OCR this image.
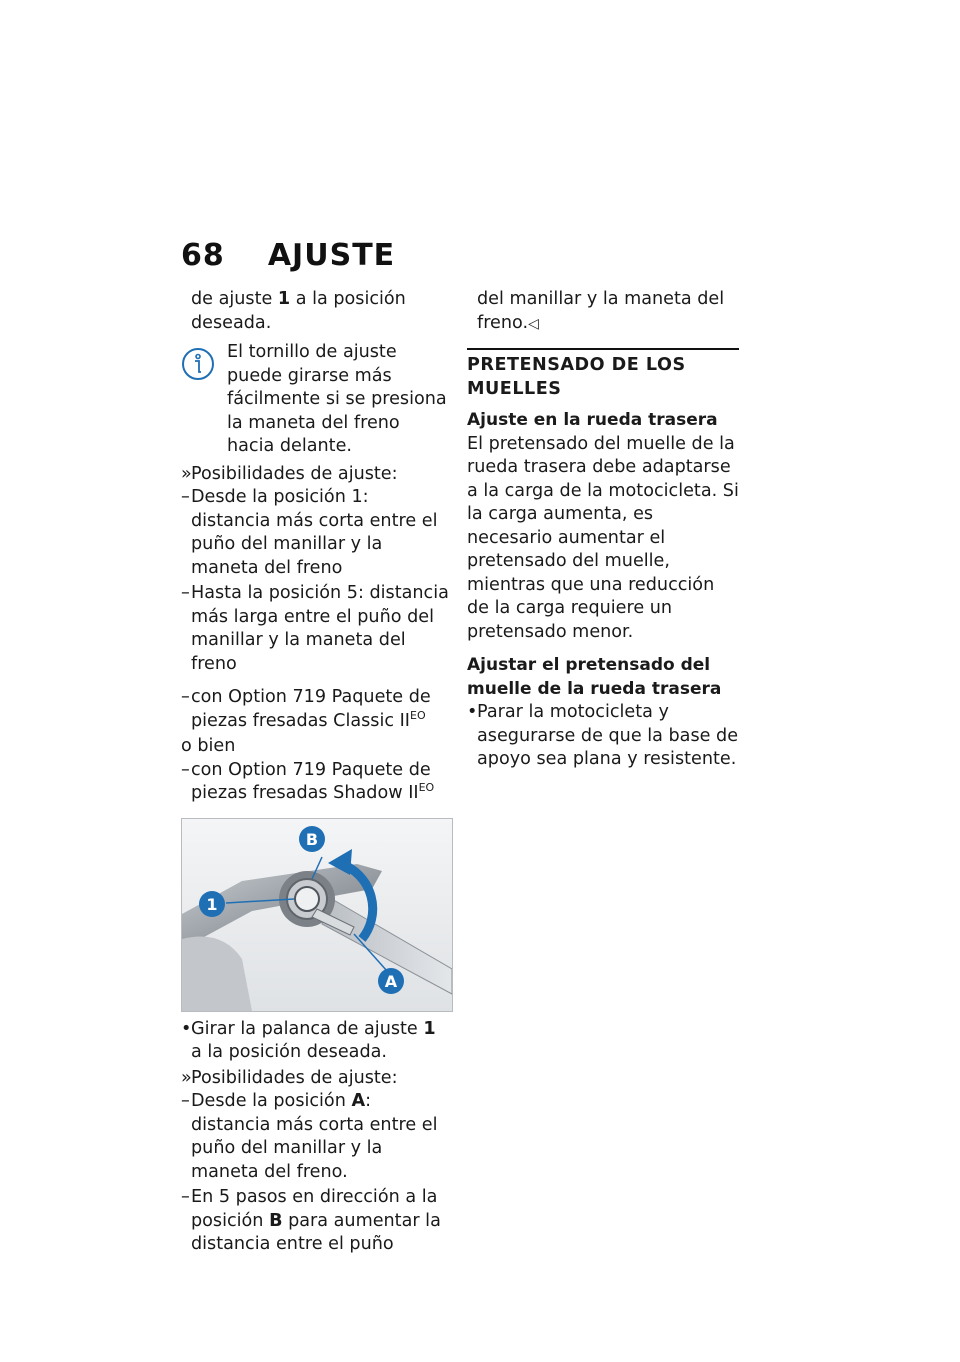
68 AJUSTE

de ajuste 1 a la posición deseada.

El tornillo de ajuste puede girarse más fácilmente si se presiona la maneta del freno hacia delante.

» Posibilidades de ajuste:

– Desde la posición 1: distancia más corta entre el puño del manillar y la maneta del freno

– Hasta la posición 5: distancia más larga entre el puño del manillar y la maneta del freno

– con Option 719 Paquete de piezas fresadas Classic $II^{EO}$

o bien

– con Option 719 Paquete de piezas fresadas Shadow $II^{EO}$

B
1
A

• Girar la palanca de ajuste 1 a la posición deseada.

» Posibilidades de ajuste:

– Desde la posición A: distancia más corta entre el puño del manillar y la maneta del freno.

– En 5 pasos en dirección a la posición B para aumentar la distancia entre el puño

del manillar y la maneta del freno.◁

PRETENSADO DE LOS MUELLES

Ajuste en la rueda trasera

El pretensado del muelle de la rueda trasera debe adaptarse a la carga de la motocicleta. Si la carga aumenta, es necesario aumentar el pretensado del muelle, mientras que una reducción de la carga requiere un pretensado menor.

Ajustar el pretensado del muelle de la rueda trasera

• Parar la motocicleta y asegurarse de que la base de apoyo sea plana y resistente.
